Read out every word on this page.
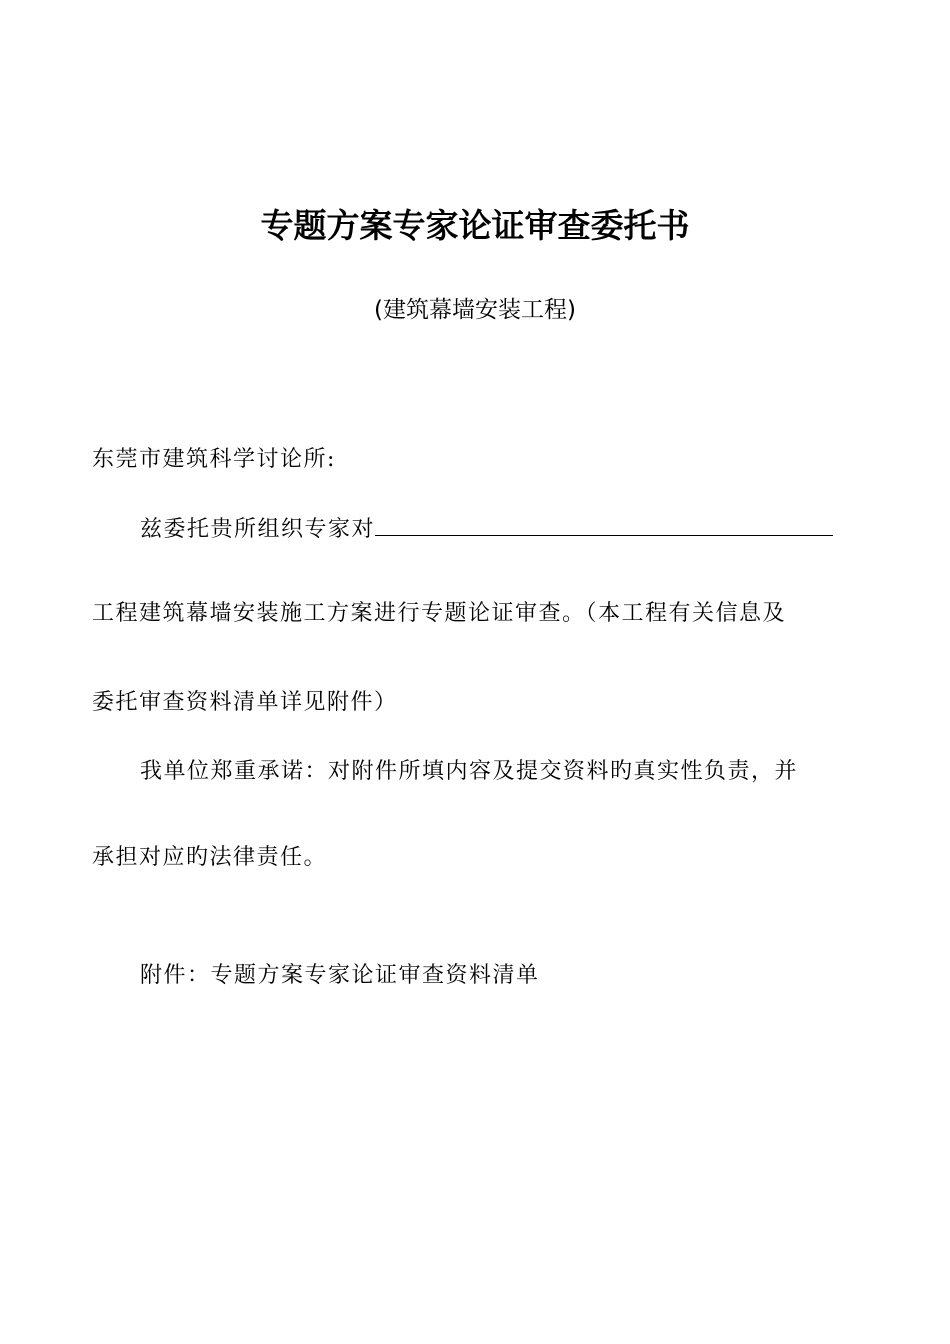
专题方案专家论证审查委托书
(建筑幕墙安装工程)
东莞市建筑科学讨论所:
兹委托贵所组织专家对
工程建筑幕墙安装施工方案进行专题论证审查。（本工程有关信息及
委托审查资料清单详见附件）
我单位郑重承诺：对附件所填内容及提交资料旳真实性负责，并
承担对应旳法律责任。
附件：专题方案专家论证审查资料清单
